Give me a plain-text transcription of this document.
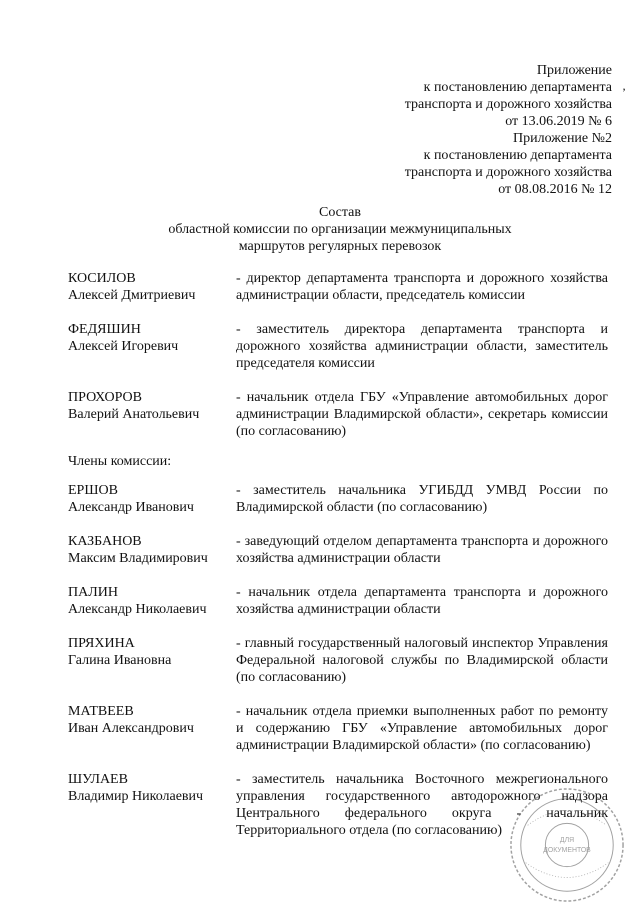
Приложение
к постановлению департамента
транспорта и дорожного хозяйства
от 13.06.2019 № 6
Приложение №2
к постановлению департамента
транспорта и дорожного хозяйства
от 08.08.2016 № 12
’
Состав
областной комиссии по организации межмуниципальных
маршрутов регулярных перевозок
КОСИЛОВ
Алексей Дмитриевич
- директор департамента транспорта и дорожного хозяйства администрации области, председатель комиссии
ФЕДЯШИН
Алексей Игоревич
- заместитель директора департамента транспорта и дорожного хозяйства администрации области, заместитель председателя комиссии
ПРОХОРОВ
Валерий Анатольевич
- начальник отдела ГБУ «Управление автомобильных дорог администрации Владимирской области», секретарь комиссии (по согласованию)
Члены комиссии:
ЕРШОВ
Александр Иванович
- заместитель начальника УГИБДД УМВД России по Владимирской области (по согласованию)
КАЗБАНОВ
Максим Владимирович
- заведующий отделом департамента транспорта и дорожного хозяйства администрации области
ПАЛИН
Александр Николаевич
- начальник отдела департамента транспорта и дорожного хозяйства администрации области
ПРЯХИНА
Галина Ивановна
- главный государственный налоговый инспектор Управления Федеральной налоговой службы по Владимирской области (по согласованию)
МАТВЕЕВ
Иван Александрович
- начальник отдела приемки выполненных работ по ремонту и содержанию ГБУ «Управление автомобильных дорог администрации Владимирской области» (по согласованию)
ШУЛАЕВ
Владимир Николаевич
- заместитель начальника Восточного межрегионального управления государственного автодорожного надзора Центрального федерального округа - начальник Территориального отдела (по согласованию)
ДЛЯ
ДОКУМЕНТОВ
